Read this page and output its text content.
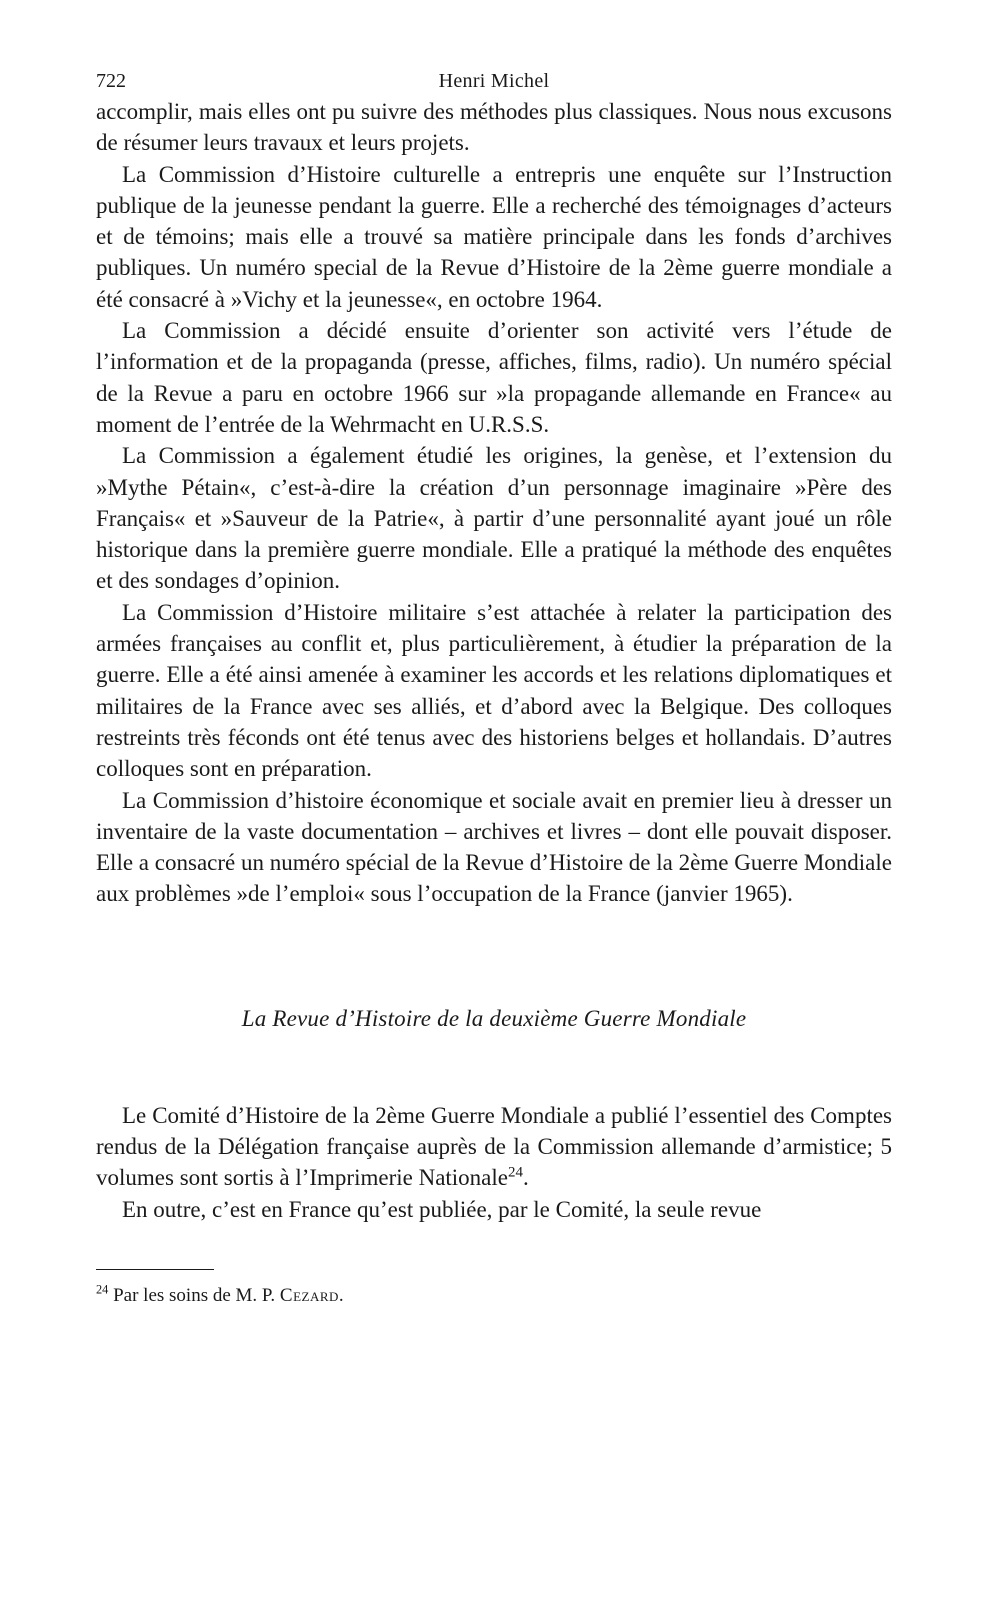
722	Henri Michel

accomplir, mais elles ont pu suivre des méthodes plus classiques. Nous nous excusons de résumer leurs travaux et leurs projets.

La Commission d’Histoire culturelle a entrepris une enquête sur l’Instruction publique de la jeunesse pendant la guerre. Elle a recherché des témoignages d’acteurs et de témoins; mais elle a trouvé sa matière principale dans les fonds d’archives publiques. Un numéro special de la Revue d’Histoire de la 2ème guerre mondiale a été consacré à »Vichy et la jeunesse«, en octobre 1964.

La Commission a décidé ensuite d’orienter son activité vers l’étude de l’information et de la propaganda (presse, affiches, films, radio). Un numéro spécial de la Revue a paru en octobre 1966 sur »la propagande allemande en France« au moment de l’entrée de la Wehrmacht en U.R.S.S.

La Commission a également étudié les origines, la genèse, et l’extension du »Mythe Pétain«, c’est-à-dire la création d’un personnage imaginaire »Père des Français« et »Sauveur de la Patrie«, à partir d’une personnalité ayant joué un rôle historique dans la première guerre mondiale. Elle a pratiqué la méthode des enquêtes et des sondages d’opinion.

La Commission d’Histoire militaire s’est attachée à relater la participation des armées françaises au conflit et, plus particulièrement, à étudier la préparation de la guerre. Elle a été ainsi amenée à examiner les accords et les relations diplomatiques et militaires de la France avec ses alliés, et d’abord avec la Belgique. Des colloques restreints très féconds ont été tenus avec des historiens belges et hollandais. D’autres colloques sont en préparation.

La Commission d’histoire économique et sociale avait en premier lieu à dresser un inventaire de la vaste documentation – archives et livres – dont elle pouvait disposer. Elle a consacré un numéro spécial de la Revue d’Histoire de la 2ème Guerre Mondiale aux problèmes »de l’emploi« sous l’occupation de la France (janvier 1965).

La Revue d’Histoire de la deuxième Guerre Mondiale

Le Comité d’Histoire de la 2ème Guerre Mondiale a publié l’essentiel des Comptes rendus de la Délégation française auprès de la Commission allemande d’armistice; 5 volumes sont sortis à l’Imprimerie Nationale$^{24}$.

En outre, c’est en France qu’est publiée, par le Comité, la seule revue

$^{24}$ Par les soins de M. P. Cezard.
